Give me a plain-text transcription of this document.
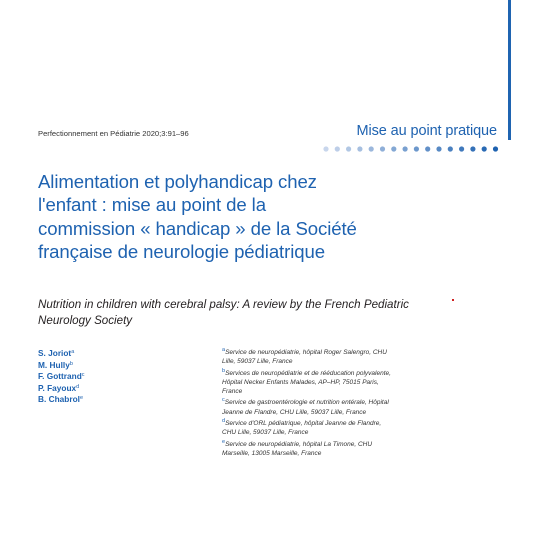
Perfectionnement en Pédiatrie 2020;3:91–96	Mise au point pratique
Alimentation et polyhandicap chez l'enfant : mise au point de la commission « handicap » de la Société française de neurologie pédiatrique
Nutrition in children with cerebral palsy: A review by the French Pediatric Neurology Society
S. Joriot$^a$
M. Hully$^b$
F. Gottrand$^c$
P. Fayoux$^d$
B. Chabrol$^e$

$^a$Service de neuropédiatrie, hôpital Roger Salengro, CHU Lille, 59037 Lille, France

$^b$Services de neuropédiatrie et de rééducation polyvalente, Hôpital Necker Enfants Malades, AP–HP, 75015 Paris, France

$^c$Service de gastroentérologie et nutrition entérale, Hôpital Jeanne de Flandre, CHU Lille, 59037 Lille, France

$^d$Service d'ORL pédiatrique, hôpital Jeanne de Flandre, CHU Lille, 59037 Lille, France

$^e$Service de neuropédiatrie, hôpital La Timone, CHU Marseille, 13005 Marseille, France
